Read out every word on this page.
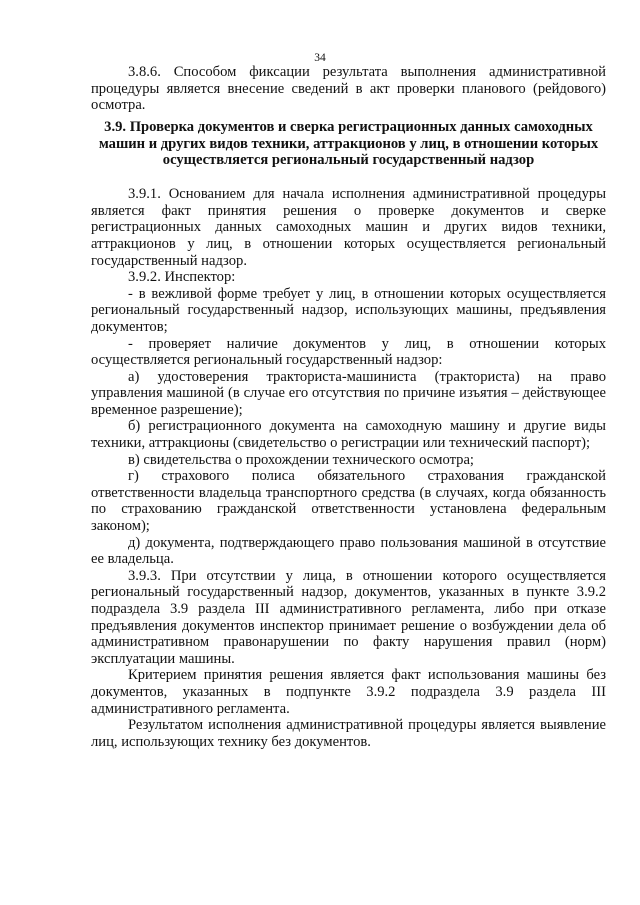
34

3.8.6. Способом фиксации результата выполнения административной процедуры является внесение сведений в акт проверки планового (рейдового) осмотра.

3.9. Проверка документов и сверка регистрационных данных самоходных машин и других видов техники, аттракционов у лиц, в отношении которых осуществляется региональный государственный надзор

3.9.1. Основанием для начала исполнения административной процедуры является факт принятия решения о проверке документов и сверке регистрационных данных самоходных машин и других видов техники, аттракционов у лиц, в отношении которых осуществляется региональный государственный надзор.

3.9.2. Инспектор:

- в вежливой форме требует у лиц, в отношении которых осуществляется региональный государственный надзор, использующих машины, предъявления документов;

- проверяет наличие документов у лиц, в отношении которых осуществляется региональный государственный надзор:

а) удостоверения тракториста-машиниста (тракториста) на право управления машиной (в случае его отсутствия по причине изъятия – действующее временное разрешение);

б) регистрационного документа на самоходную машину и другие виды техники, аттракционы (свидетельство о регистрации или технический паспорт);

в) свидетельства о прохождении технического осмотра;

г) страхового полиса обязательного страхования гражданской ответственности владельца транспортного средства (в случаях, когда обязанность по страхованию гражданской ответственности установлена федеральным законом);

д) документа, подтверждающего право пользования машиной в отсутствие ее владельца.

3.9.3. При отсутствии у лица, в отношении которого осуществляется региональный государственный надзор, документов, указанных в пункте 3.9.2 подраздела 3.9 раздела III административного регламента, либо при отказе предъявления документов инспектор принимает решение о возбуждении дела об административном правонарушении по факту нарушения правил (норм) эксплуатации машины.

Критерием принятия решения является факт использования машины без документов, указанных в подпункте 3.9.2 подраздела 3.9 раздела III административного регламента.

Результатом исполнения административной процедуры является выявление лиц, использующих технику без документов.
